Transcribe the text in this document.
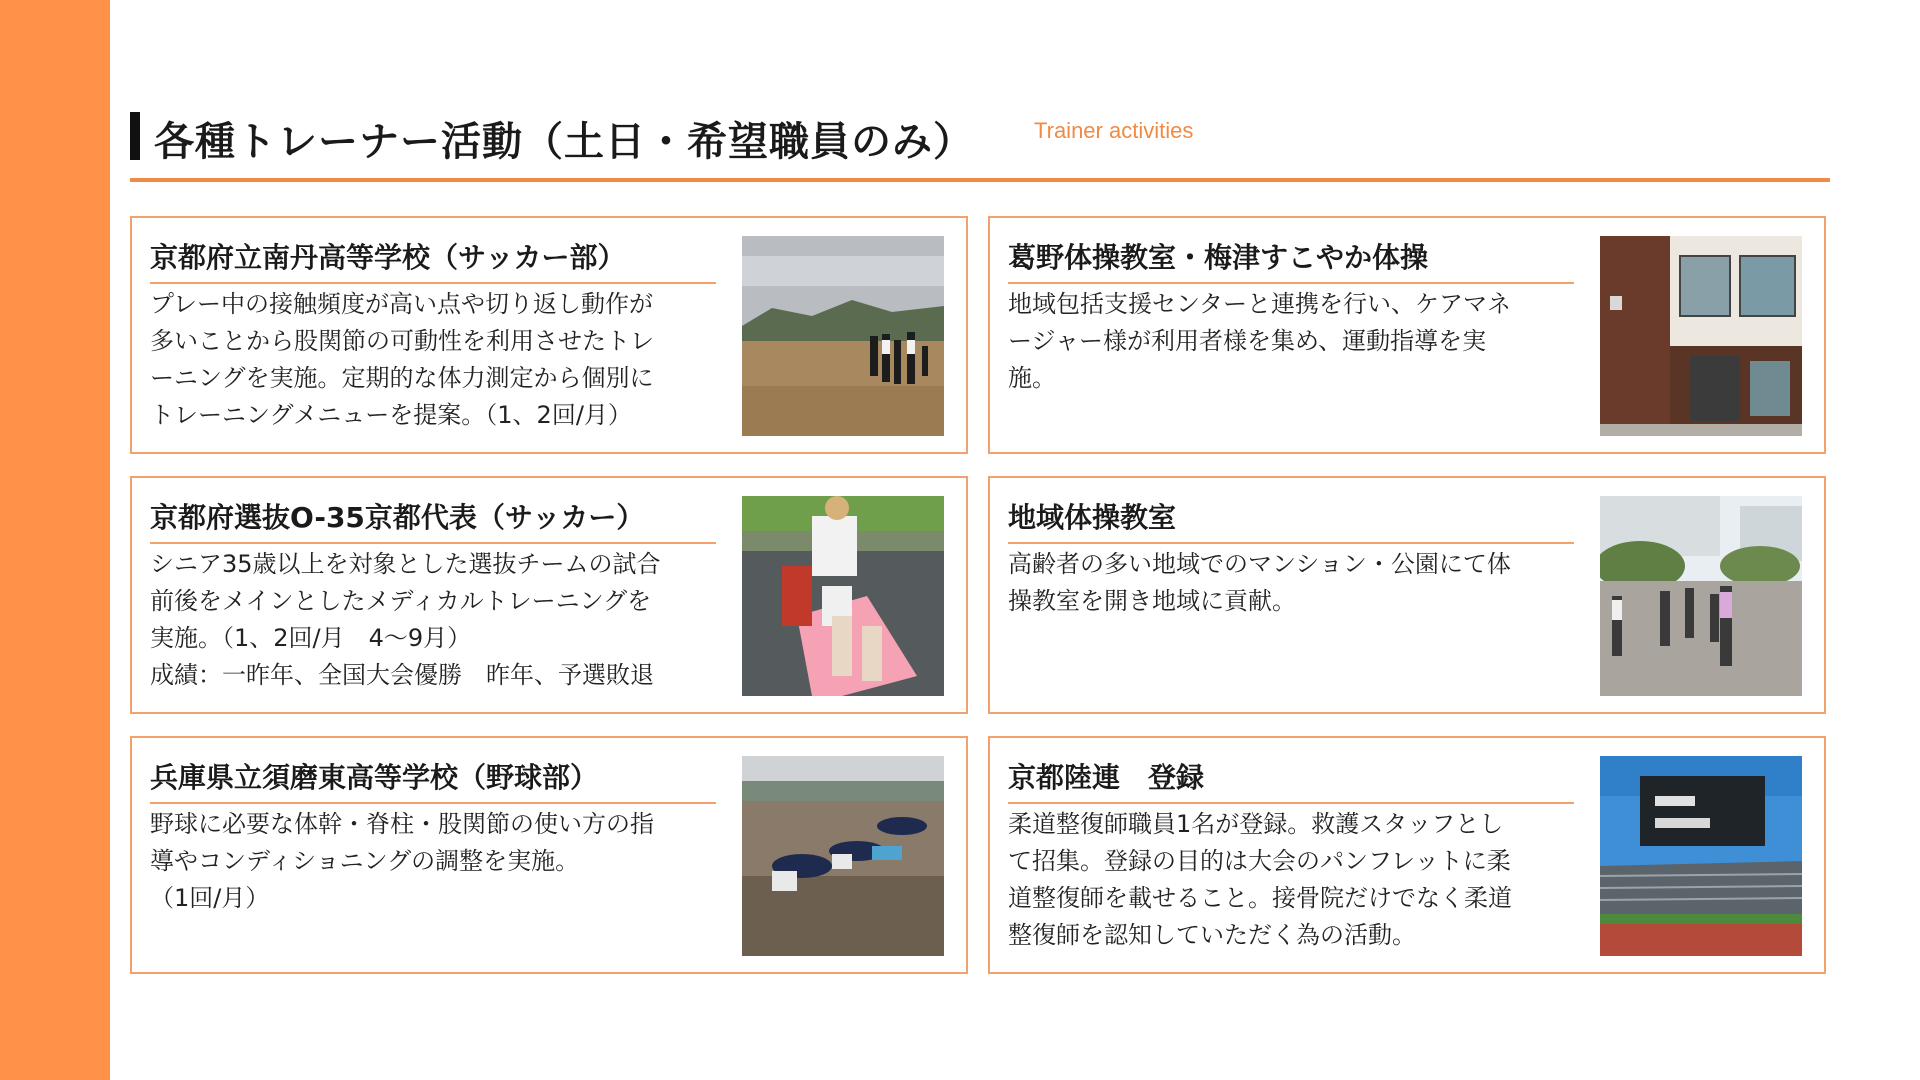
各種トレーナー活動（土日・希望職員のみ）	Trainer activities
京都府立南丹高等学校（サッカー部）
プレー中の接触頻度が高い点や切り返し動作が
多いことから股関節の可動性を利用させたトレ
ーニングを実施。定期的な体力測定から個別に
トレーニングメニューを提案。（1、2回/月）
葛野体操教室・梅津すこやか体操
地域包括支援センターと連携を行い、ケアマネ
ージャー様が利用者様を集め、運動指導を実
施。
京都府選抜O-35京都代表（サッカー）
シニア35歳以上を対象とした選抜チームの試合
前後をメインとしたメディカルトレーニングを
実施。（1、2回/月　4〜9月）
成績：一昨年、全国大会優勝　昨年、予選敗退
地域体操教室
高齢者の多い地域でのマンション・公園にて体
操教室を開き地域に貢献。
兵庫県立須磨東高等学校（野球部）
野球に必要な体幹・脊柱・股関節の使い方の指
導やコンディショニングの調整を実施。
（1回/月）
京都陸連　登録
柔道整復師職員1名が登録。救護スタッフとし
て招集。登録の目的は大会のパンフレットに柔
道整復師を載せること。接骨院だけでなく柔道
整復師を認知していただく為の活動。
